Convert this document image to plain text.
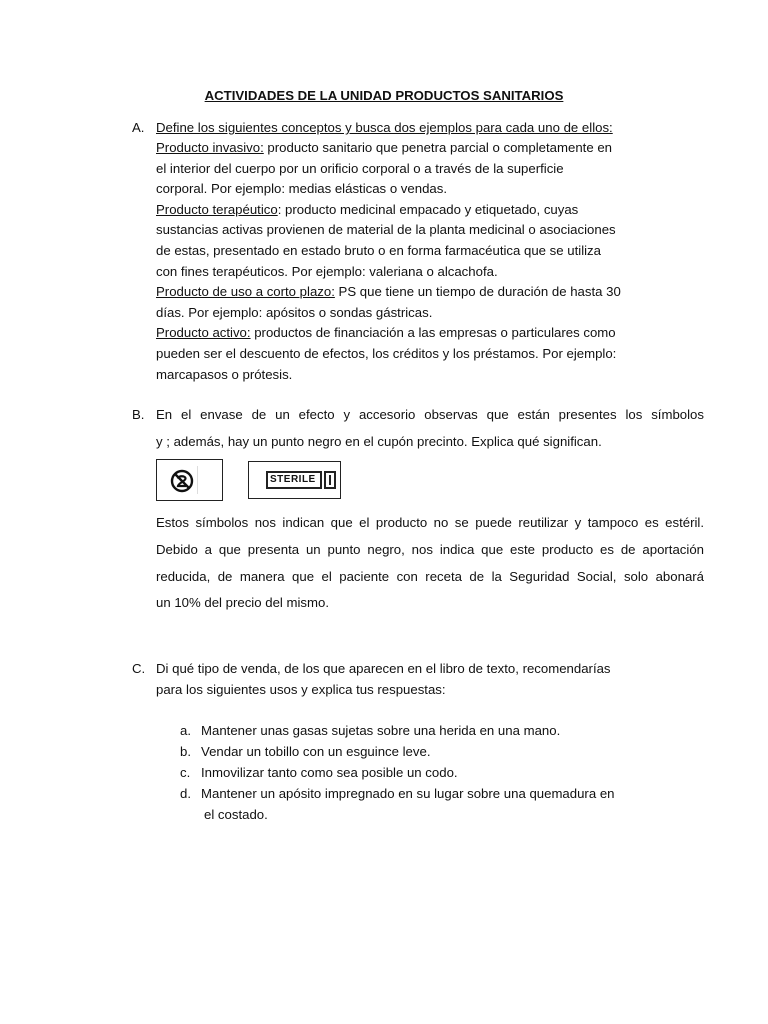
ACTIVIDADES DE LA UNIDAD PRODUCTOS SANITARIOS
A. Define los siguientes conceptos y busca dos ejemplos para cada uno de ellos:

Producto invasivo: producto sanitario que penetra parcial o completamente en

el interior del cuerpo por un orificio corporal o a través de la superficie

corporal. Por ejemplo: medias elásticas o vendas.

Producto terapéutico: producto medicinal empacado y etiquetado, cuyas

sustancias activas provienen de material de la planta medicinal o asociaciones

de estas, presentado en estado bruto o en forma farmacéutica que se utiliza

con fines terapéuticos. Por ejemplo: valeriana o alcachofa.

Producto de uso a corto plazo: PS que tiene un tiempo de duración de hasta 30

días. Por ejemplo: apósitos o sondas gástricas.

Producto activo: productos de financiación a las empresas o particulares como

pueden ser el descuento de efectos, los créditos y los préstamos. Por ejemplo:

marcapasos o prótesis.

B. En el envase de un efecto y accesorio observas que están presentes los símbolos
y ; además, hay un punto negro en el cupón precinto. Explica qué significan.
STERILE
Estos símbolos nos indican que el producto no se puede reutilizar y tampoco es estéril.
Debido a que presenta un punto negro, nos indica que este producto es de aportación
reducida, de manera que el paciente con receta de la Seguridad Social, solo abonará
un 10% del precio del mismo.
C. Di qué tipo de venda, de los que aparecen en el libro de texto, recomendarías
para los siguientes usos y explica tus respuestas:
a. Mantener unas gasas sujetas sobre una herida en una mano.
b. Vendar un tobillo con un esguince leve.
c. Inmovilizar tanto como sea posible un codo.
d. Mantener un apósito impregnado en su lugar sobre una quemadura en
el costado.
